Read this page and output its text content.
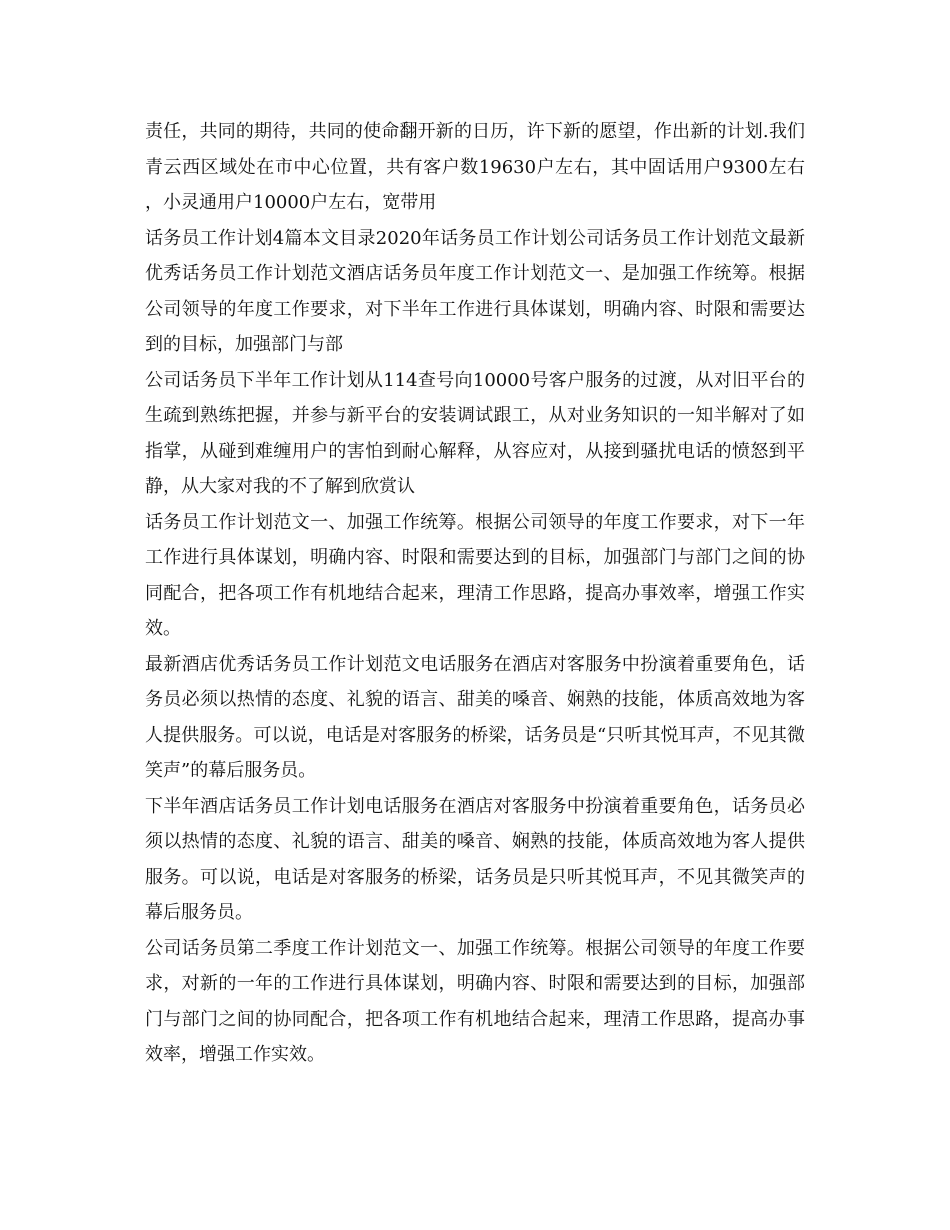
责任，共同的期待，共同的使命翻开新的日历，许下新的愿望，作出新的计划.我们青云西区域处在市中心位置，共有客户数19630户左右，其中固话用户9300左右，小灵通用户10000户左右，宽带用

话务员工作计划4篇本文目录2020年话务员工作计划公司话务员工作计划范文最新优秀话务员工作计划范文酒店话务员年度工作计划范文一、是加强工作统筹。根据公司领导的年度工作要求，对下半年工作进行具体谋划，明确内容、时限和需要达到的目标，加强部门与部

公司话务员下半年工作计划从114查号向10000号客户服务的过渡，从对旧平台的生疏到熟练把握，并参与新平台的安装调试跟工，从对业务知识的一知半解对了如指掌，从碰到难缠用户的害怕到耐心解释，从容应对，从接到骚扰电话的愤怒到平静，从大家对我的不了解到欣赏认

话务员工作计划范文一、加强工作统筹。根据公司领导的年度工作要求，对下一年工作进行具体谋划，明确内容、时限和需要达到的目标，加强部门与部门之间的协同配合，把各项工作有机地结合起来，理清工作思路，提高办事效率，增强工作实效。

最新酒店优秀话务员工作计划范文电话服务在酒店对客服务中扮演着重要角色，话务员必须以热情的态度、礼貌的语言、甜美的嗓音、娴熟的技能，体质高效地为客人提供服务。可以说，电话是对客服务的桥梁，话务员是“只听其悦耳声，不见其微笑声”的幕后服务员。

下半年酒店话务员工作计划电话服务在酒店对客服务中扮演着重要角色，话务员必须以热情的态度、礼貌的语言、甜美的嗓音、娴熟的技能，体质高效地为客人提供服务。可以说，电话是对客服务的桥梁，话务员是只听其悦耳声，不见其微笑声的幕后服务员。

公司话务员第二季度工作计划范文一、加强工作统筹。根据公司领导的年度工作要求，对新的一年的工作进行具体谋划，明确内容、时限和需要达到的目标，加强部门与部门之间的协同配合，把各项工作有机地结合起来，理清工作思路，提高办事效率，增强工作实效。
